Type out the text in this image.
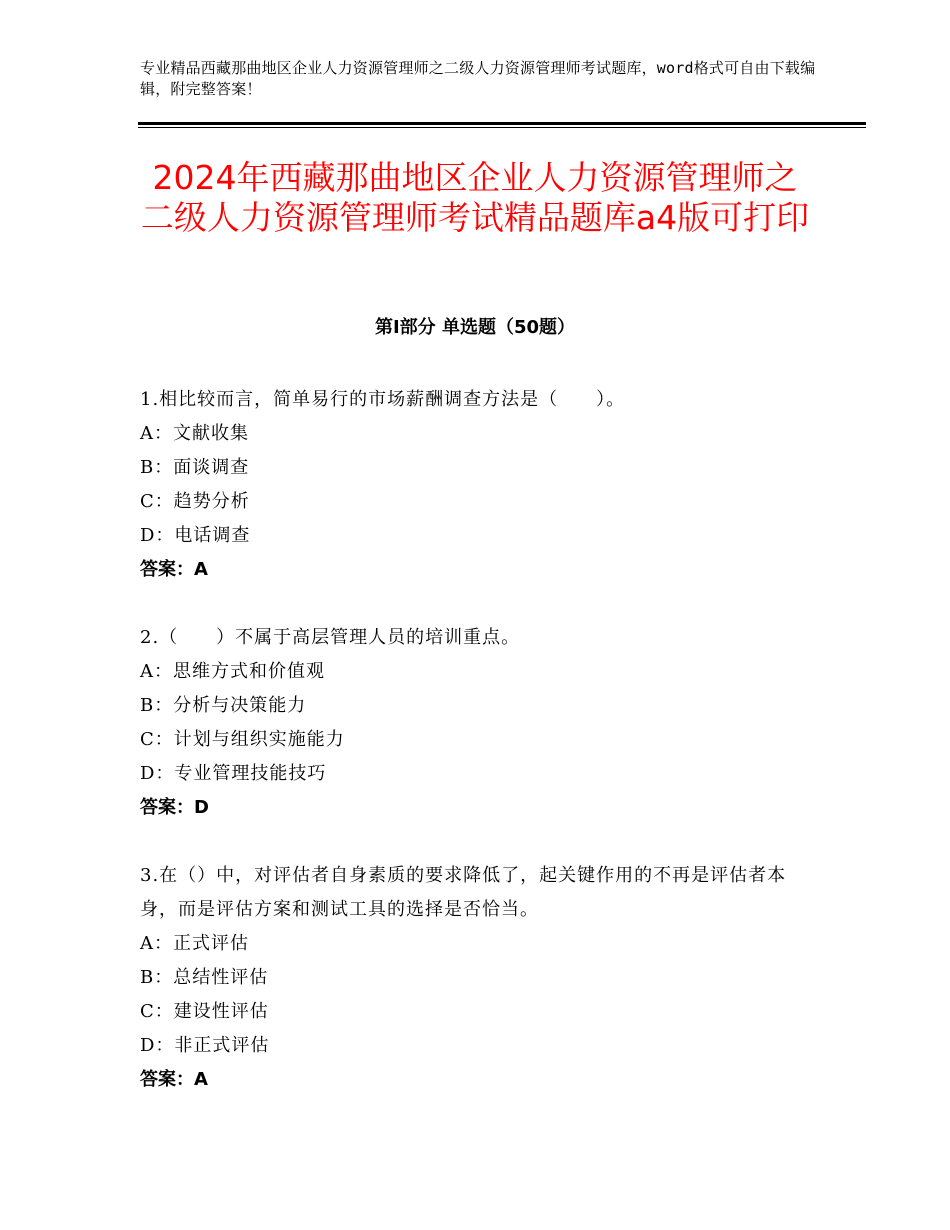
专业精品西藏那曲地区企业人力资源管理师之二级人力资源管理师考试题库，word格式可自由下载编辑，附完整答案！
2024年西藏那曲地区企业人力资源管理师之二级人力资源管理师考试精品题库a4版可打印
第Ⅰ部分 单选题（50题）
1.相比较而言，简单易行的市场薪酬调查方法是（　　）。
A：文献收集
B：面谈调查
C：趋势分析
D：电话调查
答案：A
2.（　　）不属于高层管理人员的培训重点。
A：思维方式和价值观
B：分析与决策能力
C：计划与组织实施能力
D：专业管理技能技巧
答案：D
3.在（）中，对评估者自身素质的要求降低了，起关键作用的不再是评估者本身，而是评估方案和测试工具的选择是否恰当。
A：正式评估
B：总结性评估
C：建设性评估
D：非正式评估
答案：A
